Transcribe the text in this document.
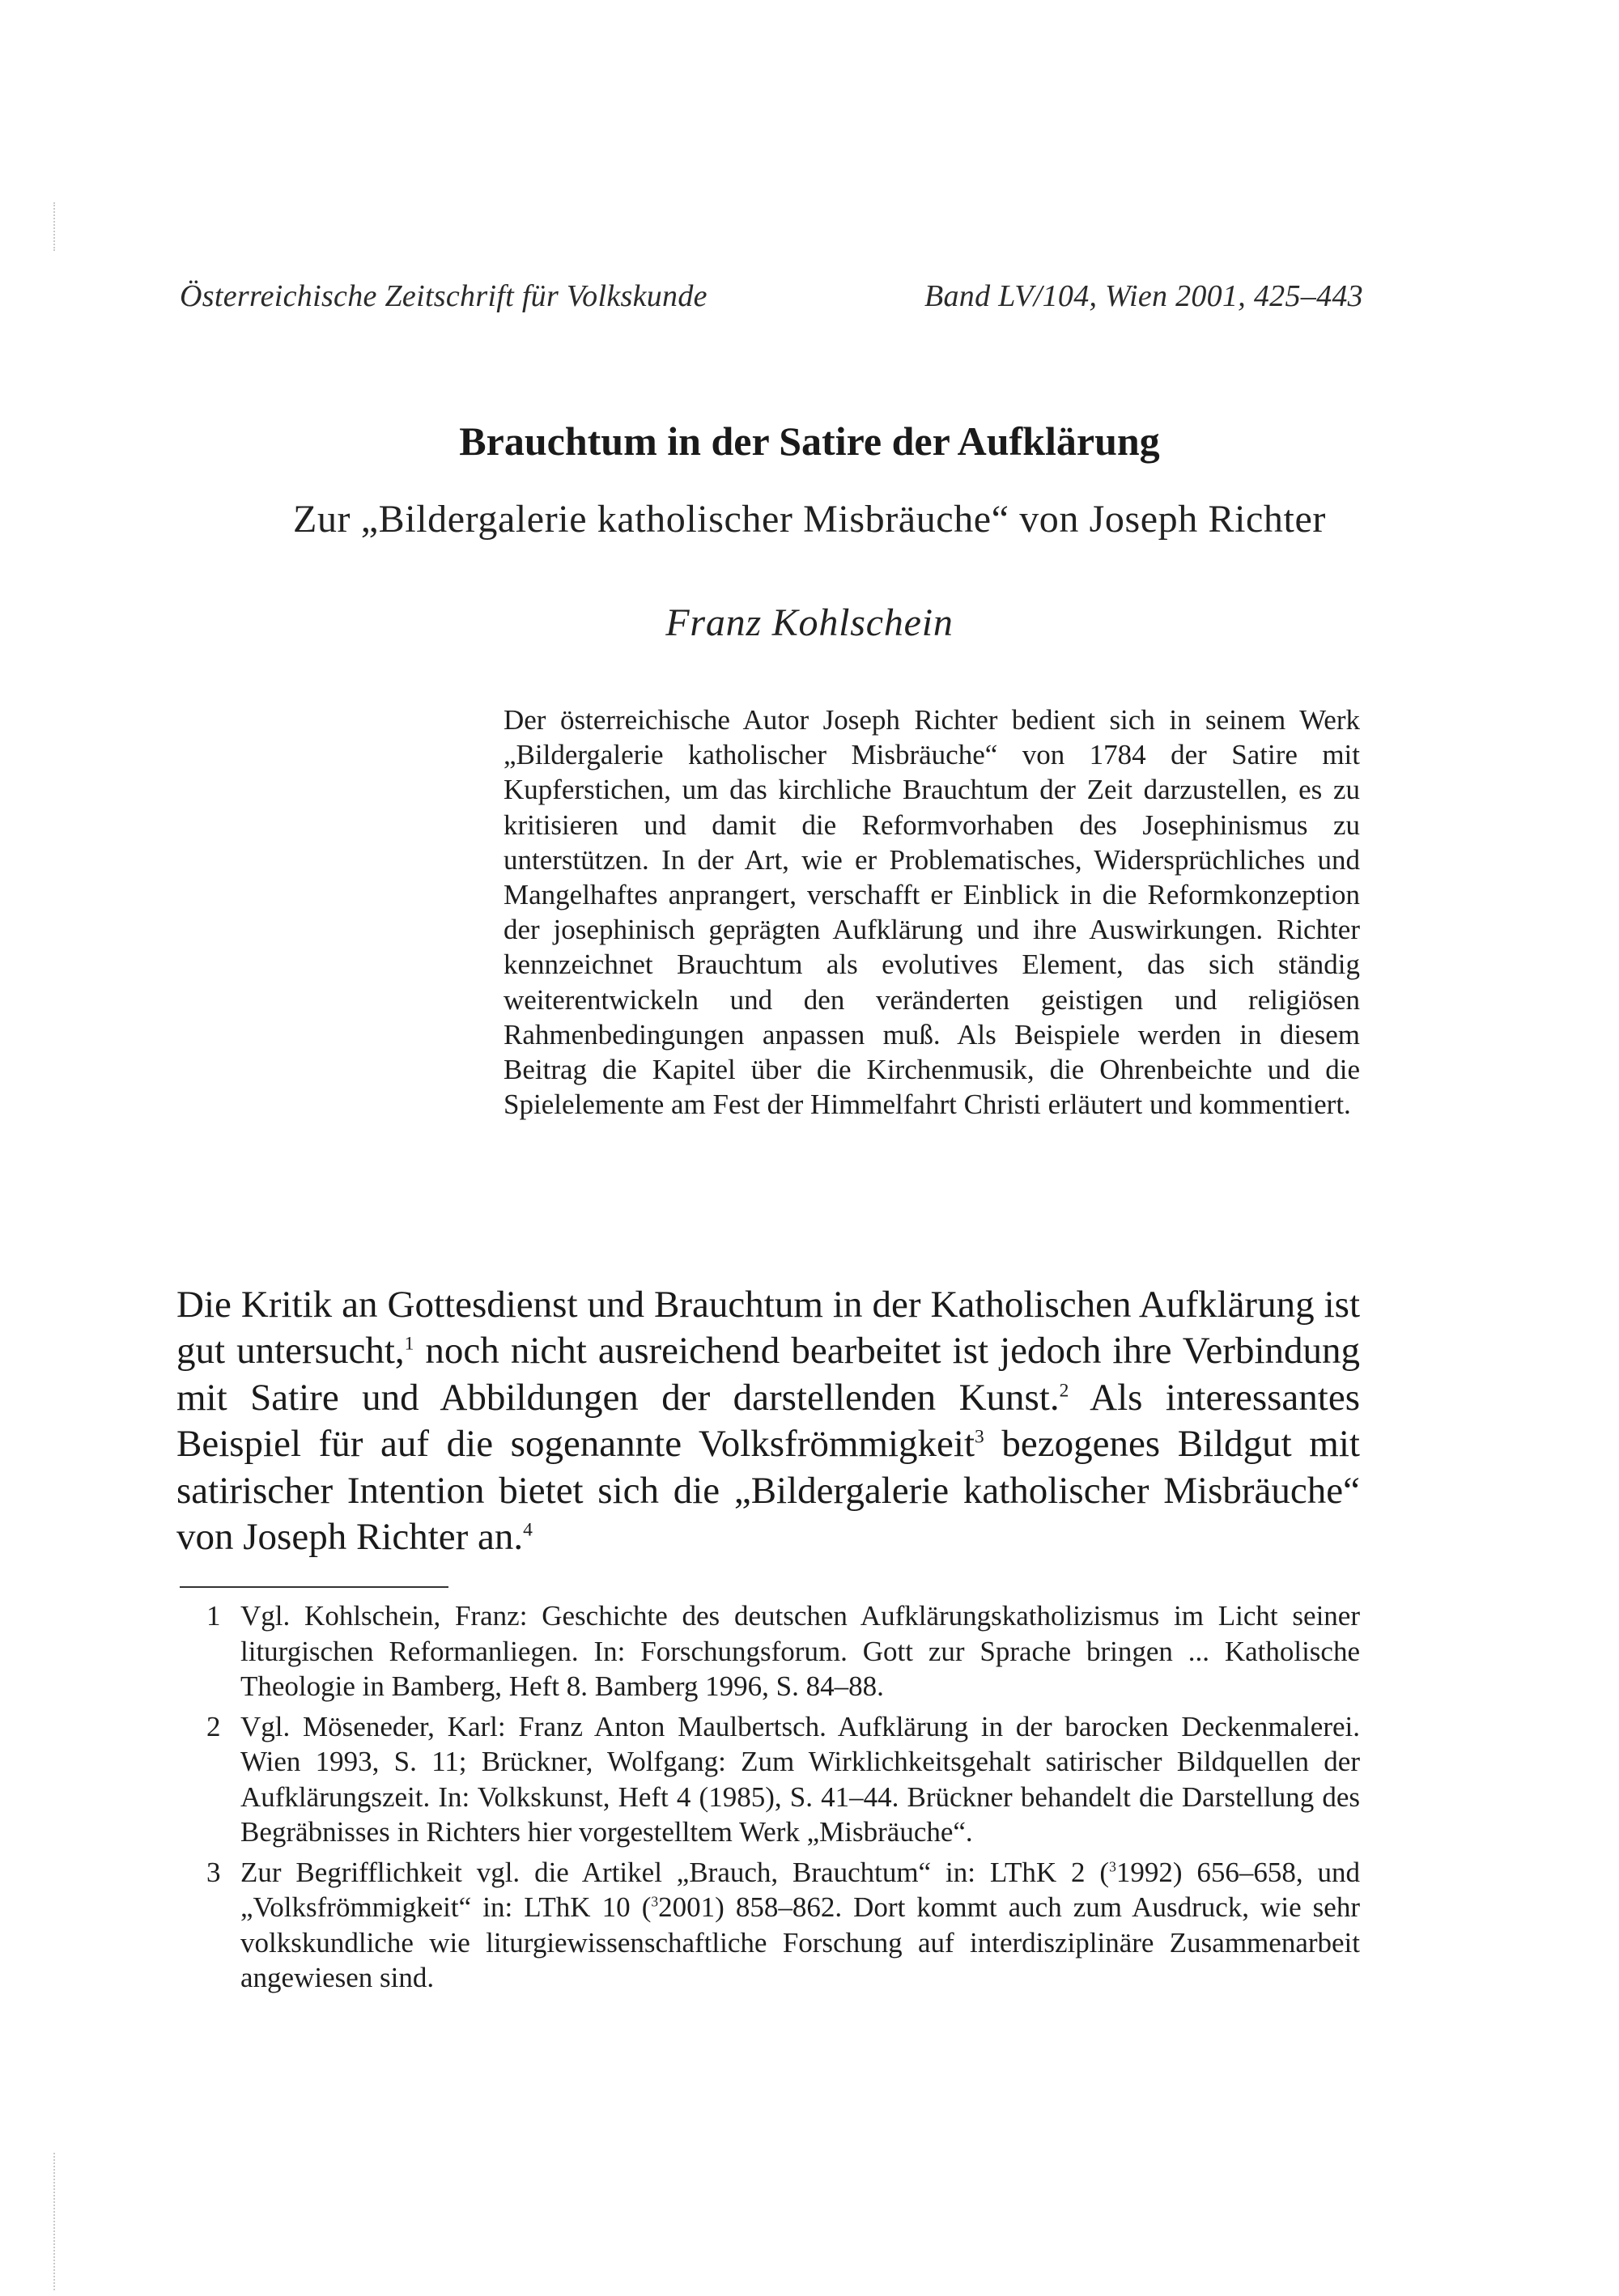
Österreichische Zeitschrift für Volkskunde	Band LV/104, Wien 2001, 425–443
Brauchtum in der Satire der Aufklärung
Zur „Bildergalerie katholischer Misbräuche“ von Joseph Richter
Franz Kohlschein
Der österreichische Autor Joseph Richter bedient sich in seinem Werk „Bildergalerie katholischer Misbräuche“ von 1784 der Satire mit Kupferstichen, um das kirchliche Brauchtum der Zeit darzustellen, es zu kritisieren und damit die Reformvorhaben des Josephinismus zu unterstützen. In der Art, wie er Problematisches, Widersprüchliches und Mangelhaftes anprangert, verschafft er Einblick in die Reformkonzeption der josephinisch geprägten Aufklärung und ihre Auswirkungen. Richter kennzeichnet Brauchtum als evolutives Element, das sich ständig weiterentwickeln und den veränderten geistigen und religiösen Rahmenbedingungen anpassen muß. Als Beispiele werden in diesem Beitrag die Kapitel über die Kirchenmusik, die Ohrenbeichte und die Spielelemente am Fest der Himmelfahrt Christi erläutert und kommentiert.
Die Kritik an Gottesdienst und Brauchtum in der Katholischen Aufklärung ist gut untersucht,$^1$ noch nicht ausreichend bearbeitet ist jedoch ihre Verbindung mit Satire und Abbildungen der darstellenden Kunst.$^2$ Als interessantes Beispiel für auf die sogenannte Volksfrömmigkeit$^3$ bezogenes Bildgut mit satirischer Intention bietet sich die „Bildergalerie katholischer Misbräuche“ von Joseph Richter an.$^4$
1 Vgl. Kohlschein, Franz: Geschichte des deutschen Aufklärungskatholizismus im Licht seiner liturgischen Reformanliegen. In: Forschungsforum. Gott zur Sprache bringen ... Katholische Theologie in Bamberg, Heft 8. Bamberg 1996, S. 84–88.
2 Vgl. Möseneder, Karl: Franz Anton Maulbertsch. Aufklärung in der barocken Deckenmalerei. Wien 1993, S. 11; Brückner, Wolfgang: Zum Wirklichkeitsgehalt satirischer Bildquellen der Aufklärungszeit. In: Volkskunst, Heft 4 (1985), S. 41–44. Brückner behandelt die Darstellung des Begräbnisses in Richters hier vorgestelltem Werk „Misbräuche“.
3 Zur Begrifflichkeit vgl. die Artikel „Brauch, Brauchtum“ in: LThK 2 ($^3$1992) 656–658, und „Volksfrömmigkeit“ in: LThK 10 ($^3$2001) 858–862. Dort kommt auch zum Ausdruck, wie sehr volkskundliche wie liturgiewissenschaftliche Forschung auf interdisziplinäre Zusammenarbeit angewiesen sind.
